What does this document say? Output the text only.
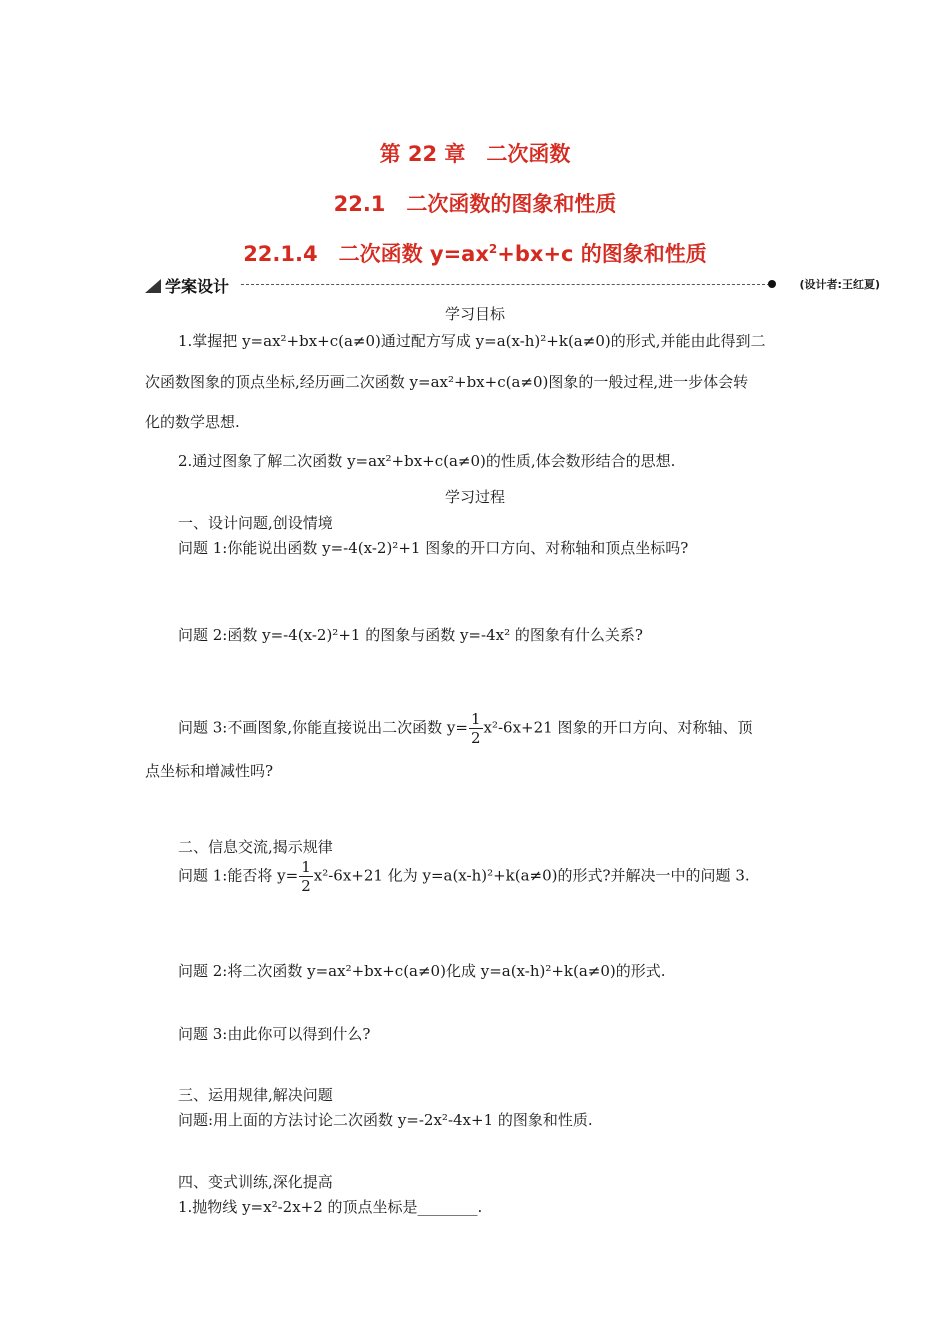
第 22 章　二次函数
22.1　二次函数的图象和性质
22.1.4　二次函数 $y=ax^2+bx+c$ 的图象和性质
学案设计	(设计者:王红夏)
学习目标
1.掌握把 y=ax²+bx+c(a≠0)通过配方写成 y=a(x-h)²+k(a≠0)的形式,并能由此得到二
次函数图象的顶点坐标,经历画二次函数 y=ax²+bx+c(a≠0)图象的一般过程,进一步体会转
化的数学思想.
2.通过图象了解二次函数 y=ax²+bx+c(a≠0)的性质,体会数形结合的思想.
学习过程
一、设计问题,创设情境
问题 1:你能说出函数 y=-4(x-2)²+1 图象的开口方向、对称轴和顶点坐标吗?
问题 2:函数 y=-4(x-2)²+1 的图象与函数 y=-4x² 的图象有什么关系?
问题 3:不画图象,你能直接说出二次函数 $y= \frac{1}{2} x^2-6x+21$ 图象的开口方向、对称轴、顶
点坐标和增减性吗?
二、信息交流,揭示规律
问题 1:能否将 $y= \frac{1}{2} x^2-6x+21$ 化为 y=a(x-h)²+k(a≠0)的形式?并解决一中的问题 3.
问题 2:将二次函数 y=ax²+bx+c(a≠0)化成 y=a(x-h)²+k(a≠0)的形式.
问题 3:由此你可以得到什么?
三、运用规律,解决问题
问题:用上面的方法讨论二次函数 y=-2x²-4x+1 的图象和性质.
四、变式训练,深化提高
1.抛物线 y=x²-2x+2 的顶点坐标是________.
